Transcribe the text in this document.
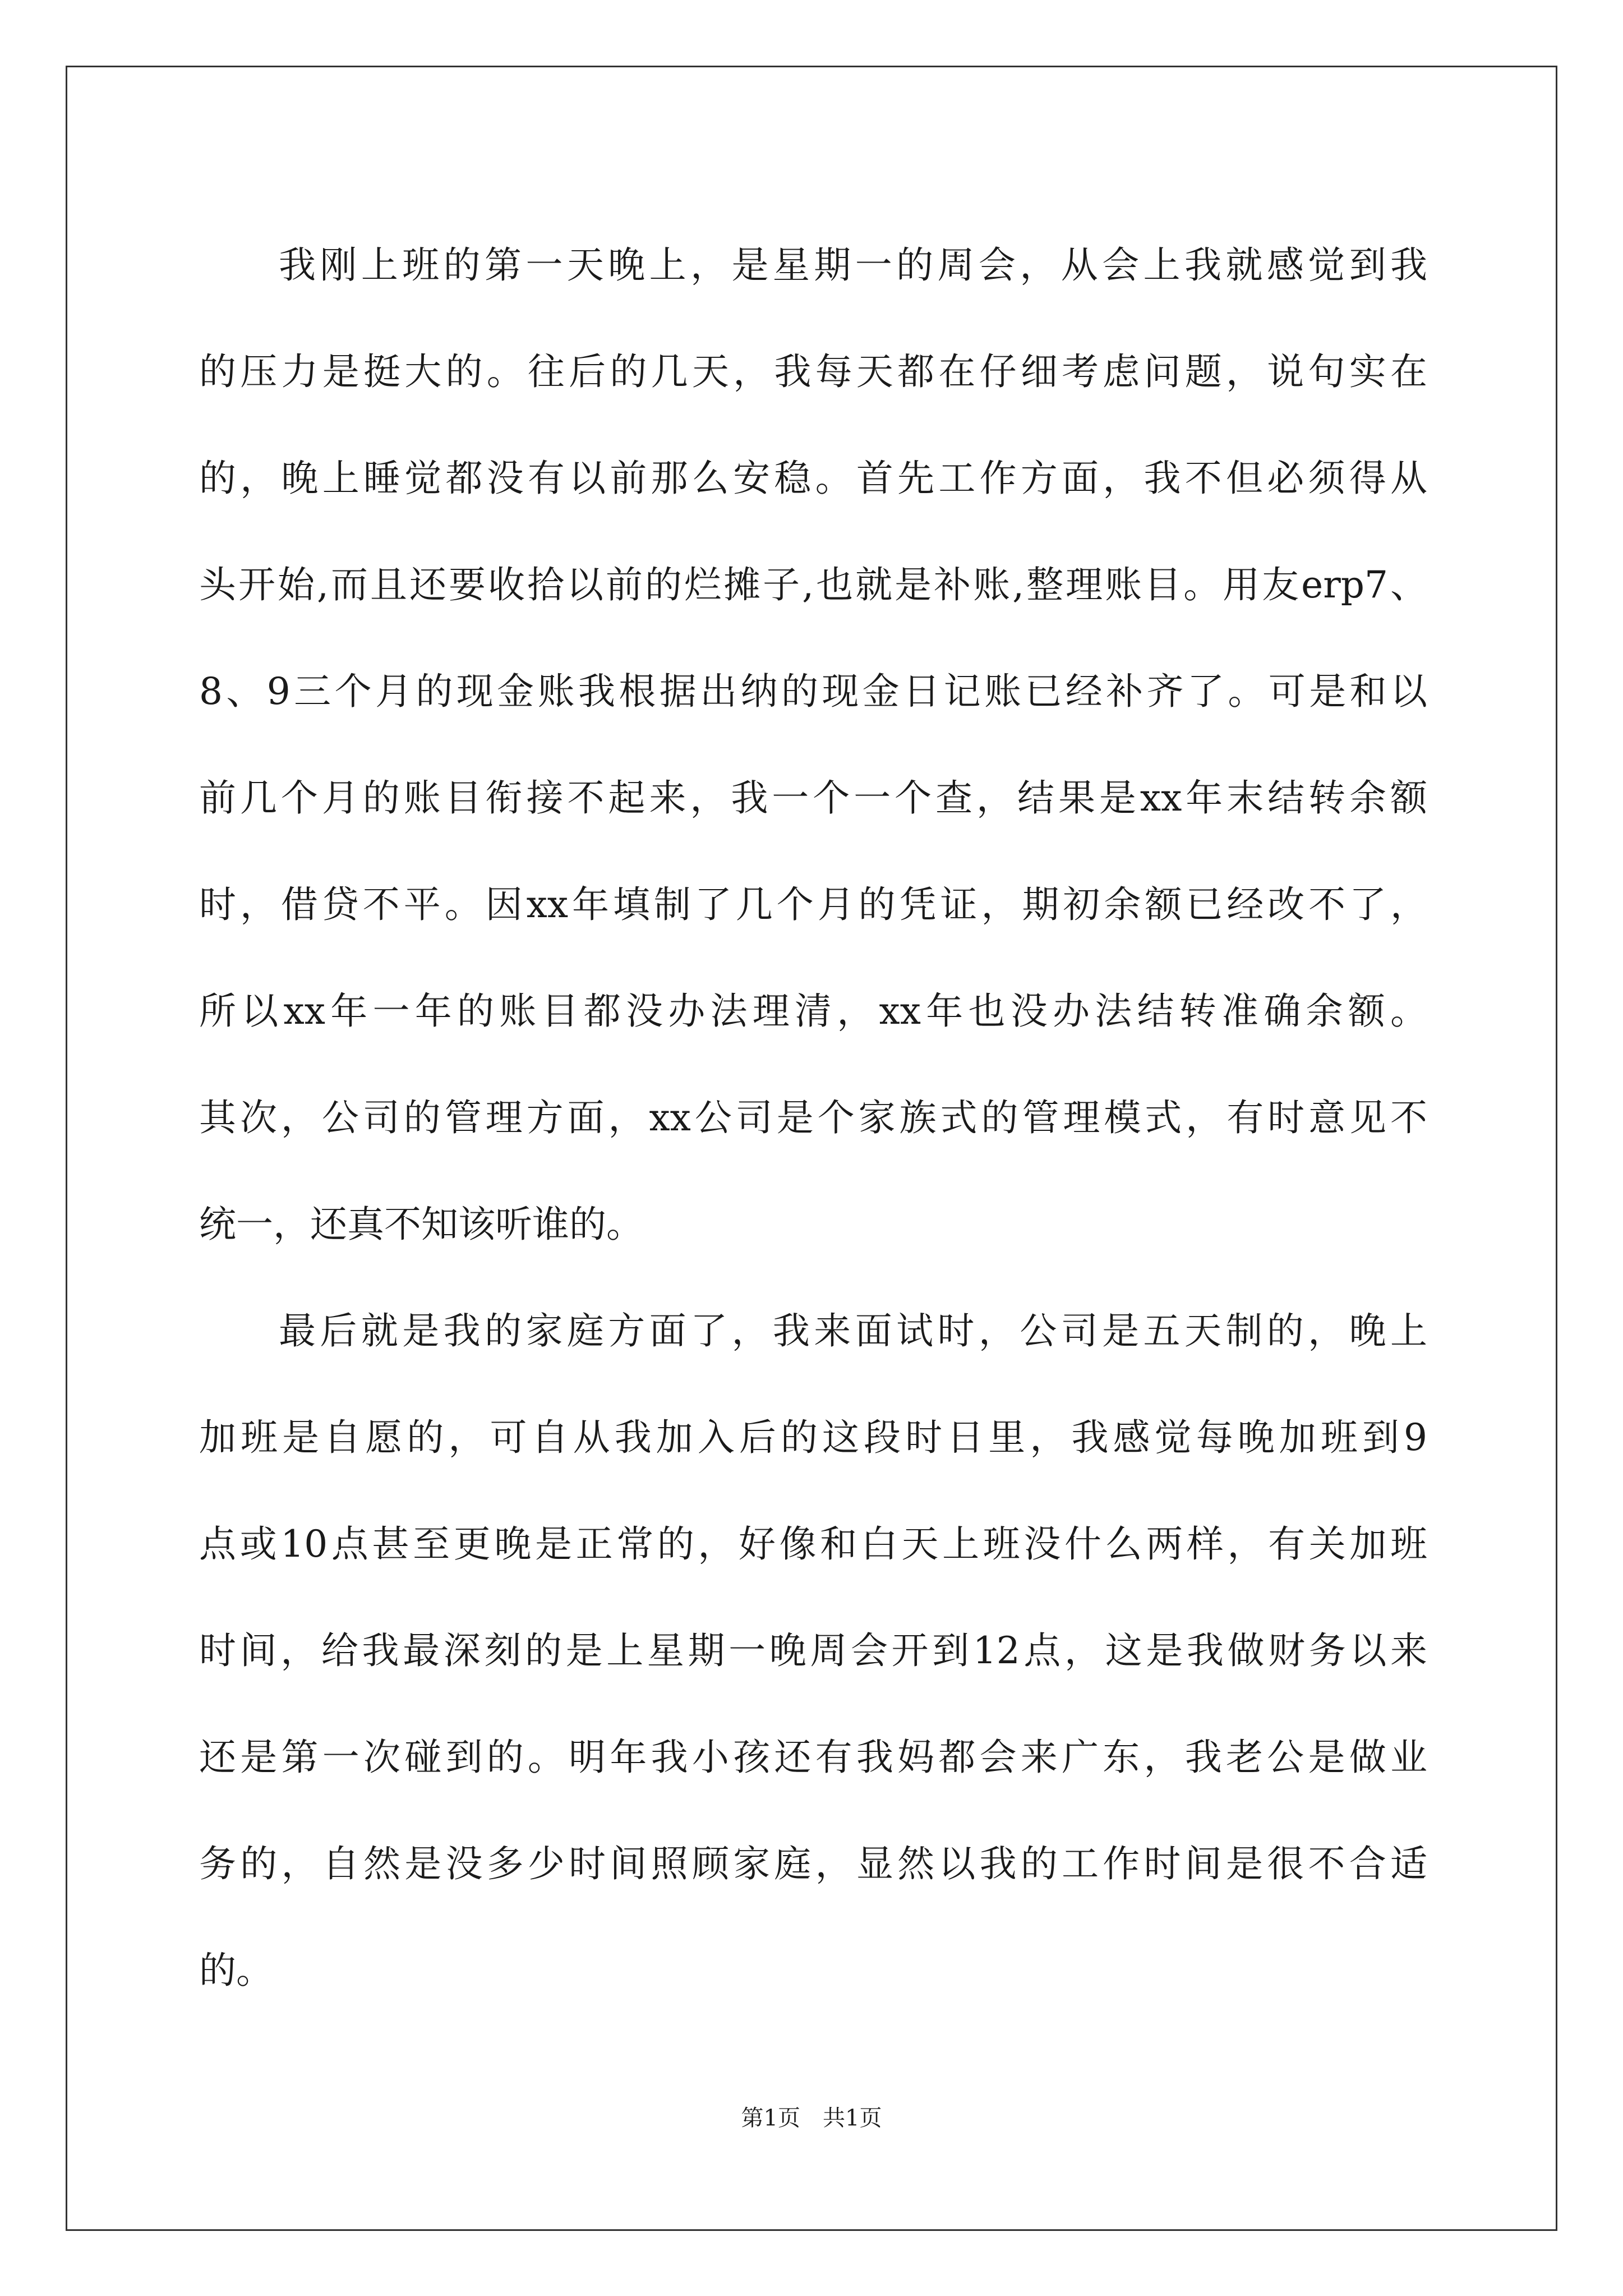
我刚上班的第一天晚上，是星期一的周会，从会上我就感觉到我
的压力是挺大的。往后的几天，我每天都在仔细考虑问题，说句实在
的，晚上睡觉都没有以前那么安稳。首先工作方面，我不但必须得从
头开始,而且还要收拾以前的烂摊子,也就是补账,整理账目。用友erp7、
8、9三个月的现金账我根据出纳的现金日记账已经补齐了。可是和以
前几个月的账目衔接不起来，我一个一个查，结果是xx年末结转余额
时，借贷不平。因xx年填制了几个月的凭证，期初余额已经改不了，
所以xx年一年的账目都没办法理清，xx年也没办法结转准确余额。
其次，公司的管理方面，xx公司是个家族式的管理模式，有时意见不
统一，还真不知该听谁的。
最后就是我的家庭方面了，我来面试时，公司是五天制的，晚上
加班是自愿的，可自从我加入后的这段时日里，我感觉每晚加班到9
点或10点甚至更晚是正常的，好像和白天上班没什么两样，有关加班
时间，给我最深刻的是上星期一晚周会开到12点，这是我做财务以来
还是第一次碰到的。明年我小孩还有我妈都会来广东，我老公是做业
务的，自然是没多少时间照顾家庭，显然以我的工作时间是很不合适
的。
第1页　共1页
